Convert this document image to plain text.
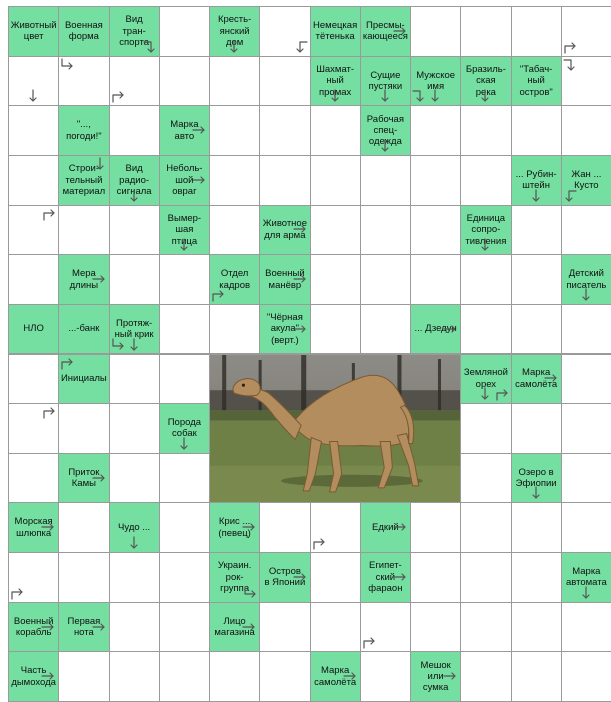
Животный
цвет
Военная
форма
Вид
тран-
спорта
Кресть-
янский
дом
Немецкая
тётенька
Пресмы-
кающееся
Шахмат-
ный
промах
Сущие
пустяки
Мужское
имя
Бразиль-
ская
река
"Табач-
ный
остров"
"...,
погоди!"
Марка
авто
Рабочая
спец-
одежда
Строи-
тельный
материал
Вид
радио-
сигнала
Неболь-
шой
овраг
... Рубин-
штейн
Жан ...
Кусто
Вымер-
шая
птица
Животное
для арма
Единица
сопро-
тивления
Мера
длины
Отдел
кадров
Военный
манёвр
Детский
писатель
НЛО	...-банк
Протяж-
ный крик
"Чёрная
акула"
(верт.)
... Дзедун
Инициалы
Земляной
орех
Марка
самолёта
Порода
собак
Приток
Камы
Озеро в
Эфиопии
Морская
шлюпка
Чудо ...
Крис ...
(певец)
Едкий
Украин.
рок-
группа
Остров
в Японии
Египет-
ский
фараон
Марка
автомата
Военный
корабль
Первая
нота
Лицо
магазина
Часть
дымохода
Марка
самолёта
Мешок
или
сумка
